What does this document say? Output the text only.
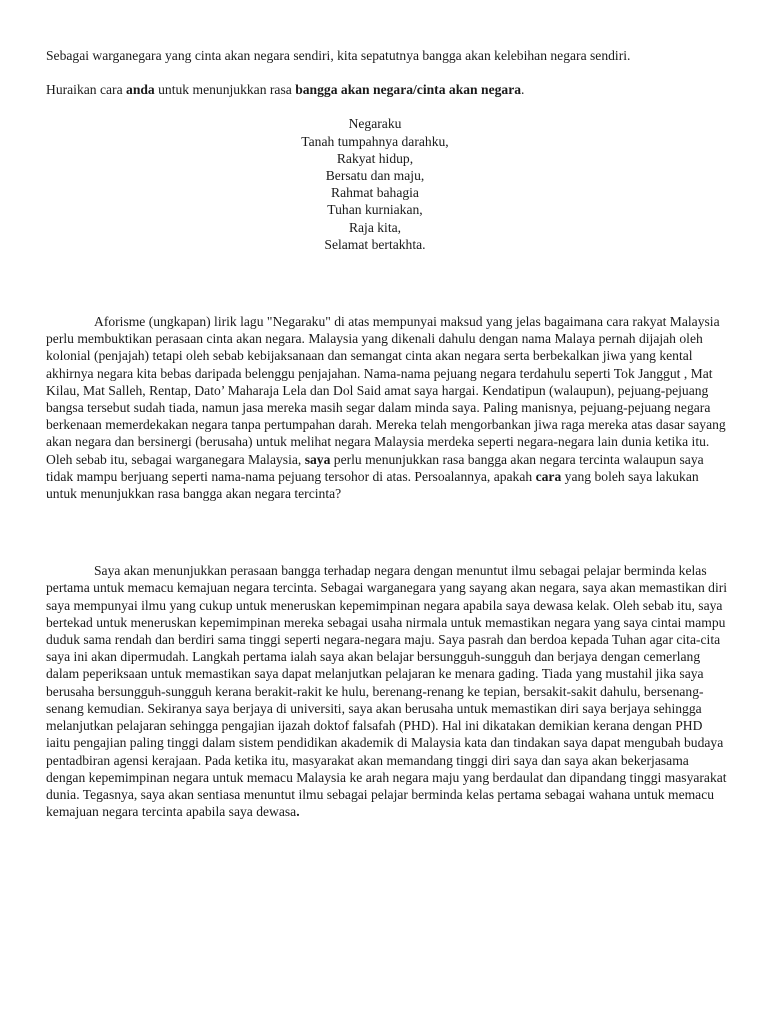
Sebagai warganegara yang cinta akan negara sendiri, kita sepatutnya bangga akan kelebihan negara sendiri.

Huraikan cara anda untuk menunjukkan rasa bangga akan negara/cinta akan negara.

Negaraku
Tanah tumpahnya darahku,
Rakyat hidup,
Bersatu dan maju,
Rahmat bahagia
Tuhan kurniakan,
Raja kita,
Selamat bertakhta.

Aforisme (ungkapan) lirik lagu "Negaraku" di atas mempunyai maksud yang jelas bagaimana cara rakyat Malaysia perlu membuktikan perasaan cinta akan negara. Malaysia yang dikenali dahulu dengan nama Malaya pernah dijajah oleh kolonial (penjajah) tetapi oleh sebab kebijaksanaan dan semangat cinta akan negara serta berbekalkan jiwa yang kental akhirnya negara kita bebas daripada belenggu penjajahan. Nama-nama pejuang negara terdahulu seperti Tok Janggut , Mat Kilau, Mat Salleh, Rentap, Dato’ Maharaja Lela dan Dol Said amat saya hargai. Kendatipun (walaupun), pejuang-pejuang bangsa tersebut sudah tiada, namun jasa mereka masih segar dalam minda saya. Paling manisnya, pejuang-pejuang negara berkenaan memerdekakan negara tanpa pertumpahan darah. Mereka telah mengorbankan jiwa raga mereka atas dasar sayang akan negara dan bersinergi (berusaha) untuk melihat negara Malaysia merdeka seperti negara-negara lain dunia ketika itu. Oleh sebab itu, sebagai warganegara Malaysia, saya perlu menunjukkan rasa bangga akan negara tercinta walaupun saya tidak mampu berjuang seperti nama-nama pejuang tersohor di atas. Persoalannya, apakah cara yang boleh saya lakukan untuk menunjukkan rasa bangga akan negara tercinta?

Saya akan menunjukkan perasaan bangga terhadap negara dengan menuntut ilmu sebagai pelajar berminda kelas pertama untuk memacu kemajuan negara tercinta. Sebagai warganegara yang sayang akan negara, saya akan memastikan diri saya mempunyai ilmu yang cukup untuk meneruskan kepemimpinan negara apabila saya dewasa kelak. Oleh sebab itu, saya bertekad untuk meneruskan kepemimpinan mereka sebagai usaha nirmala untuk memastikan negara yang saya cintai mampu duduk sama rendah dan berdiri sama tinggi seperti negara-negara maju. Saya pasrah dan berdoa kepada Tuhan agar cita-cita saya ini akan dipermudah. Langkah pertama ialah saya akan belajar bersungguh-sungguh dan berjaya dengan cemerlang dalam peperiksaan untuk memastikan saya dapat melanjutkan pelajaran ke menara gading. Tiada yang mustahil jika saya berusaha bersungguh-sungguh kerana berakit-rakit ke hulu, berenang-renang ke tepian, bersakit-sakit dahulu, bersenang-senang kemudian. Sekiranya saya berjaya di universiti, saya akan berusaha untuk memastikan diri saya berjaya sehingga melanjutkan pelajaran sehingga pengajian ijazah doktof falsafah (PHD). Hal ini dikatakan demikian kerana dengan PHD iaitu pengajian paling tinggi dalam sistem pendidikan akademik di Malaysia kata dan tindakan saya dapat mengubah budaya pentadbiran agensi kerajaan. Pada ketika itu, masyarakat akan memandang tinggi diri saya dan saya akan bekerjasama dengan kepemimpinan negara untuk memacu Malaysia ke arah negara maju yang berdaulat dan dipandang tinggi masyarakat dunia. Tegasnya, saya akan sentiasa menuntut ilmu sebagai pelajar berminda kelas pertama sebagai wahana untuk memacu kemajuan negara tercinta apabila saya dewasa.
